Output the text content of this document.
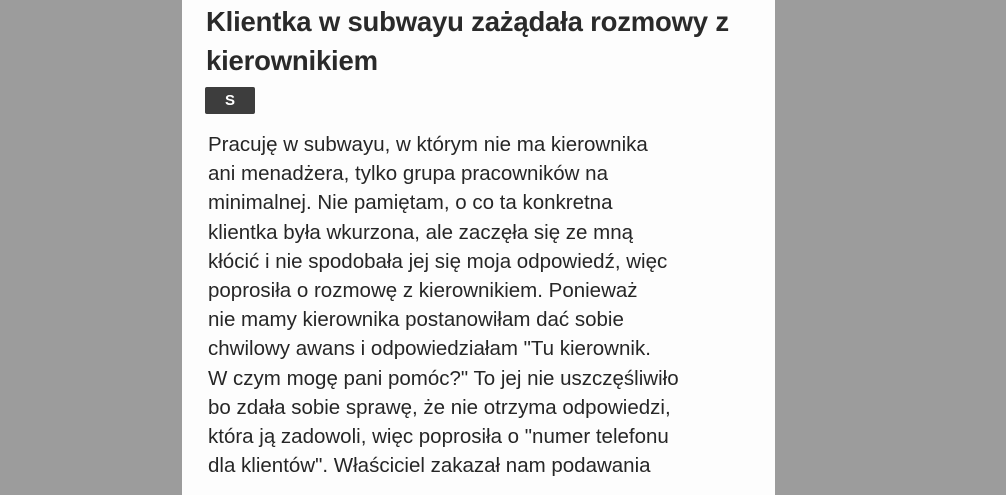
Klientka w subwayu zażądała rozmowy z kierownikiem
S

Pracuję w subwayu, w którym nie ma kierownika
ani menadżera, tylko grupa pracowników na
minimalnej. Nie pamiętam, o co ta konkretna
klientka była wkurzona, ale zaczęła się ze mną
kłócić i nie spodobała jej się moja odpowiedź, więc
poprosiła o rozmowę z kierownikiem. Ponieważ
nie mamy kierownika postanowiłam dać sobie
chwilowy awans i odpowiedziałam "Tu kierownik.
W czym mogę pani pomóc?" To jej nie uszczęśliwiło
bo zdała sobie sprawę, że nie otrzyma odpowiedzi,
która ją zadowoli, więc poprosiła o "numer telefonu
dla klientów". Właściciel zakazał nam podawania
